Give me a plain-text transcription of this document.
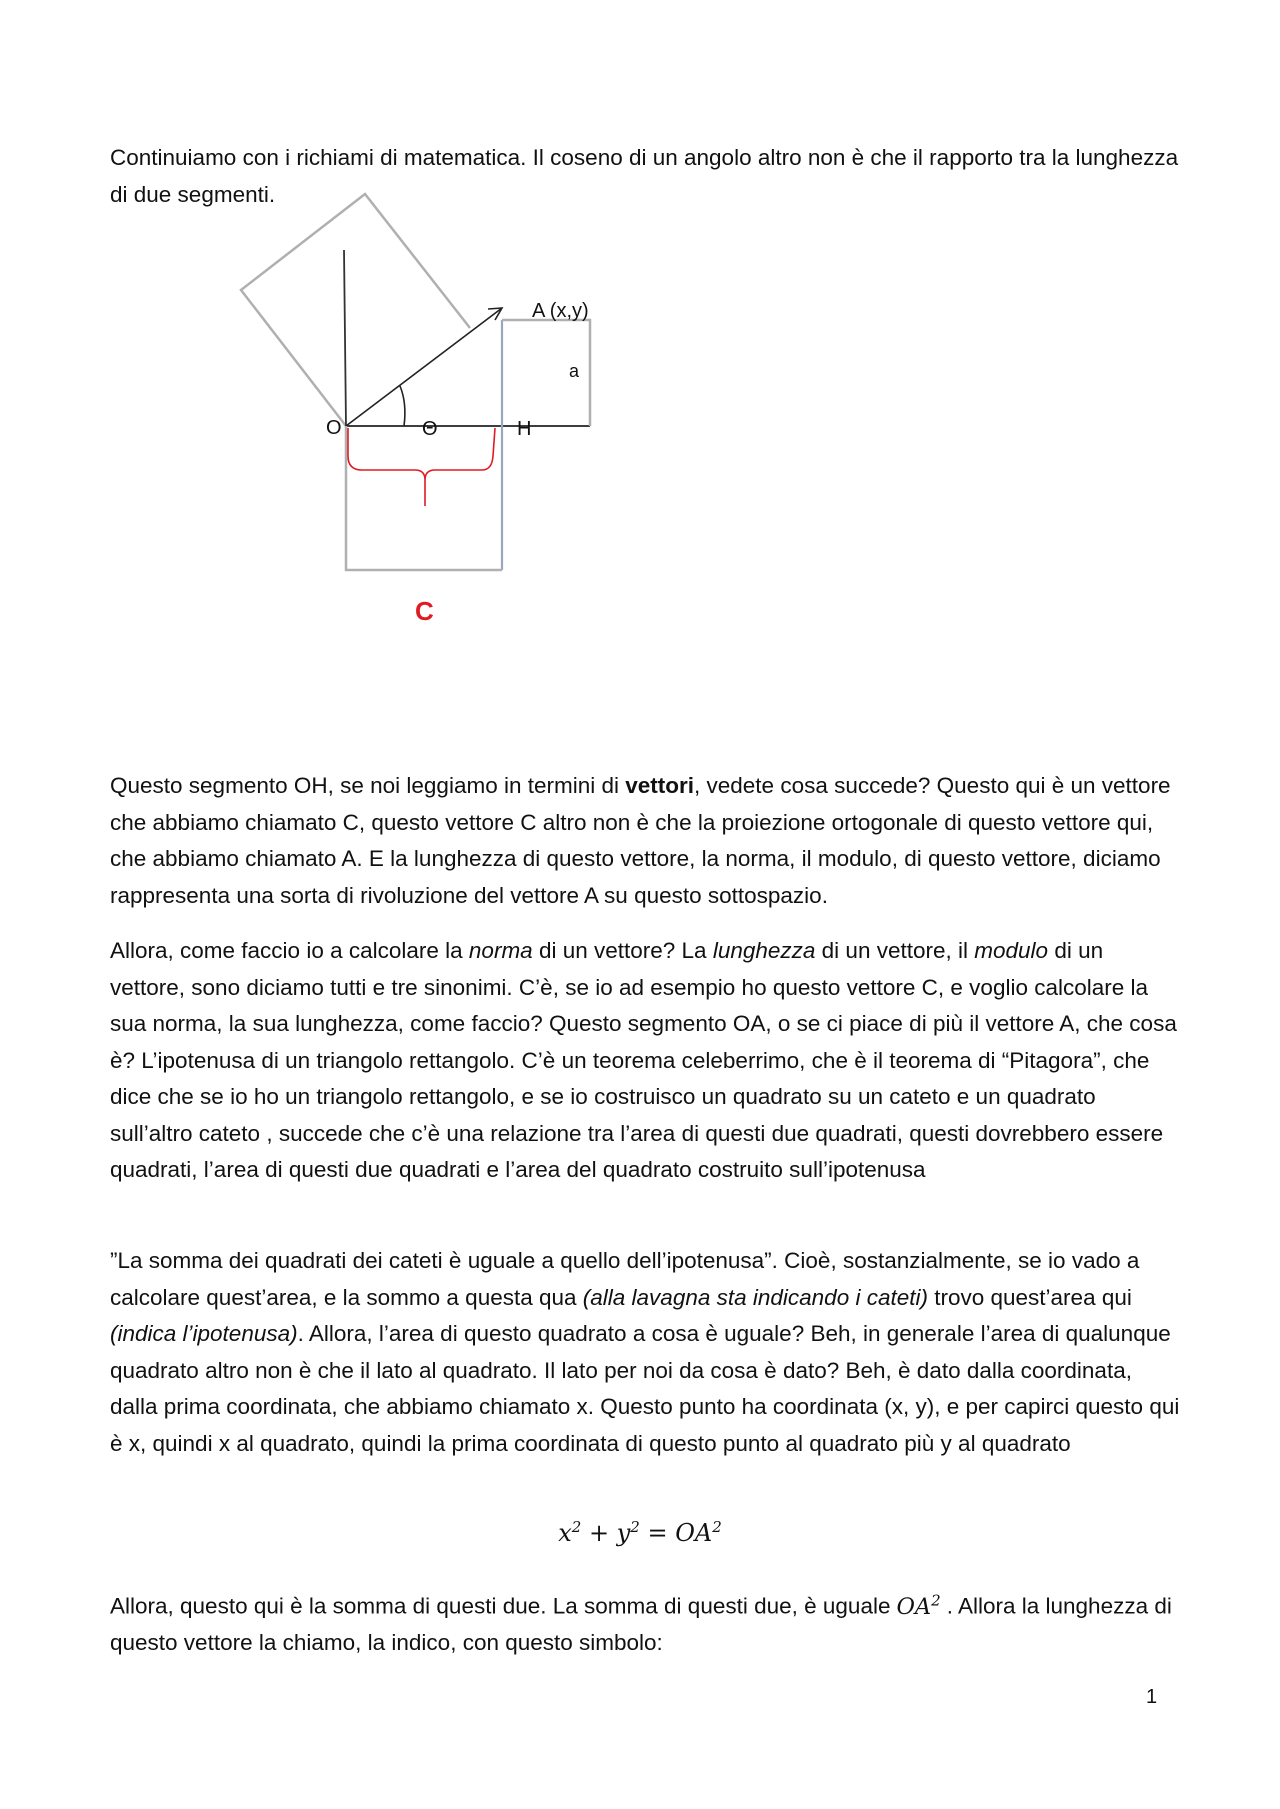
Continuiamo con i richiami di matematica. Il coseno di un angolo altro non è che il rapporto tra la lunghezza di due segmenti.

A (x,y)
a
O	Θ	H
C

Questo segmento OH, se noi leggiamo in termini di vettori, vedete cosa succede? Questo qui è un vettore che abbiamo chiamato C, questo vettore C altro non è che la proiezione ortogonale di questo vettore qui, che abbiamo chiamato A. E la lunghezza di questo vettore, la norma, il modulo, di questo vettore, diciamo rappresenta una sorta di rivoluzione del vettore A su questo sottospazio.

Allora, come faccio io a calcolare la norma di un vettore? La lunghezza di un vettore, il modulo di un vettore, sono diciamo tutti e tre sinonimi. C’è, se io ad esempio ho questo vettore C, e voglio calcolare la sua norma, la sua lunghezza, come faccio? Questo segmento OA, o se ci piace di più il vettore A, che cosa è? L’ipotenusa di un triangolo rettangolo. C’è un teorema celeberrimo, che è il teorema di “Pitagora”, che dice che se io ho un triangolo rettangolo, e se io costruisco un quadrato su un cateto e un quadrato sull’altro cateto , succede che c’è una relazione tra l’area di questi due quadrati, questi dovrebbero essere quadrati, l’area di questi due quadrati e l’area del quadrato costruito sull’ipotenusa

”La somma dei quadrati dei cateti è uguale a quello dell’ipotenusa”. Cioè, sostanzialmente, se io vado a calcolare quest’area, e la sommo a questa qua (alla lavagna sta indicando i cateti) trovo quest’area qui (indica l’ipotenusa). Allora, l’area di questo quadrato a cosa è uguale? Beh, in generale l’area di qualunque quadrato altro non è che il lato al quadrato. Il lato per noi da cosa è dato? Beh, è dato dalla coordinata, dalla prima coordinata, che abbiamo chiamato x. Questo punto ha coordinata (x, y), e per capirci questo qui è x, quindi x al quadrato, quindi la prima coordinata di questo punto al quadrato più y al quadrato

$x^2 + y^2 = OA^2$

Allora, questo qui è la somma di questi due. La somma di questi due, è uguale $OA^2$ . Allora la lunghezza di questo vettore la chiamo, la indico, con questo simbolo:

1
